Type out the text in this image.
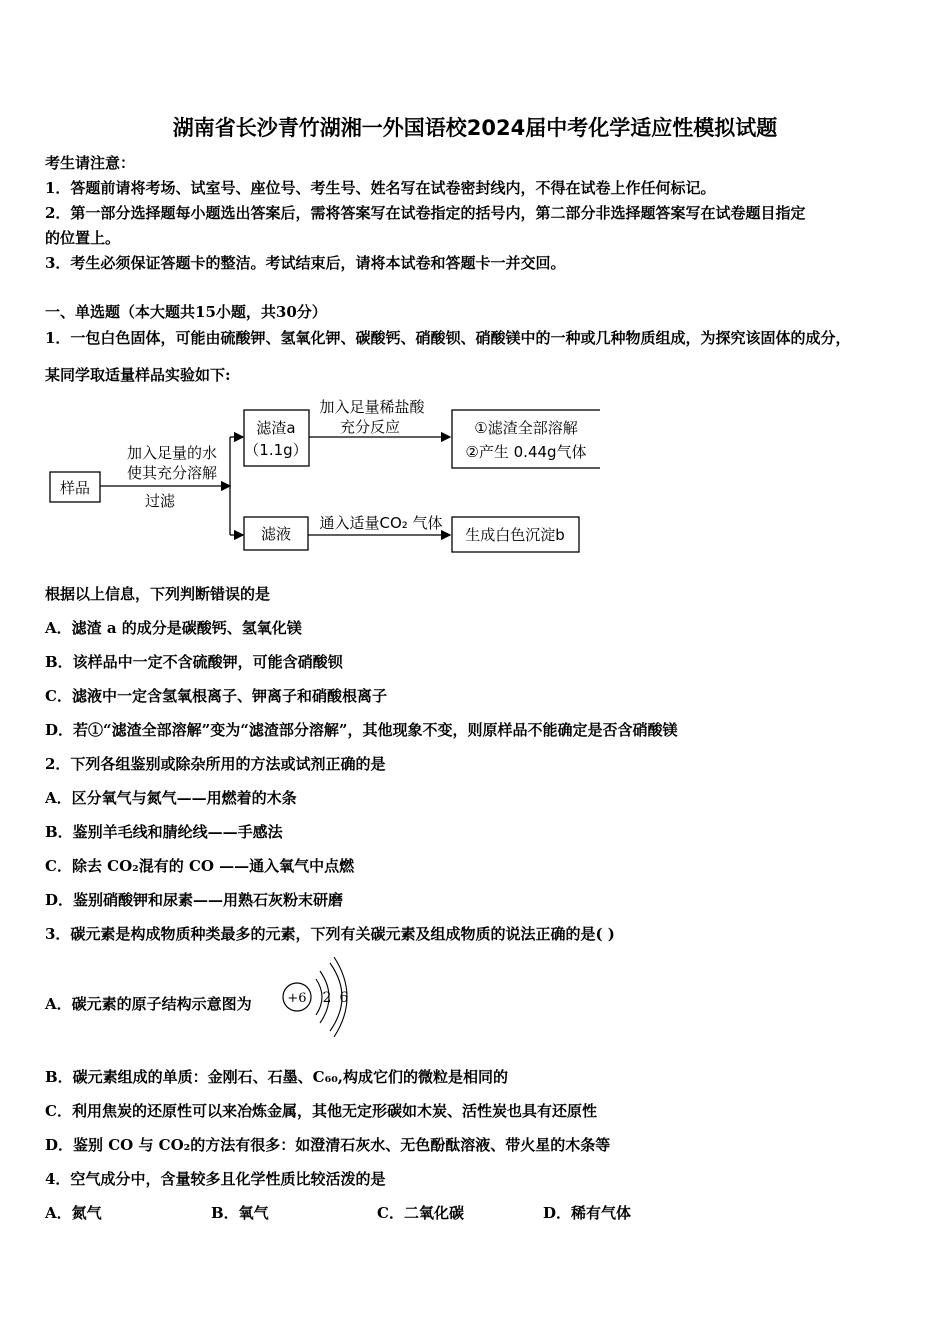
湖南省长沙青竹湖湘一外国语校2024届中考化学适应性模拟试题
考生请注意：
1．答题前请将考场、试室号、座位号、考生号、姓名写在试卷密封线内，不得在试卷上作任何标记。
2．第一部分选择题每小题选出答案后，需将答案写在试卷指定的括号内，第二部分非选择题答案写在试卷题目指定
的位置上。
3．考生必须保证答题卡的整洁。考试结束后，请将本试卷和答题卡一并交回。
一、单选题（本大题共15小题，共30分）
1．一包白色固体，可能由硫酸钾、氢氧化钾、碳酸钙、硝酸钡、硝酸镁中的一种或几种物质组成，为探究该固体的成分，
某同学取适量样品实验如下:
样品
加入足量的水
使其充分溶解
过滤
滤渣a
（1.1g）
加入足量稀盐酸
充分反应	①滤渣全部溶解
②产生 0.44g气体
滤液
通入适量CO₂ 气体
生成白色沉淀b
根据以上信息，下列判断错误的是
A．滤渣 a 的成分是碳酸钙、氢氧化镁
B．该样品中一定不含硫酸钾，可能含硝酸钡
C．滤液中一定含氢氧根离子、钾离子和硝酸根离子
D．若①“滤渣全部溶解”变为“滤渣部分溶解”，其他现象不变，则原样品不能确定是否含硝酸镁
2．下列各组鉴别或除杂所用的方法或试剂正确的是
A．区分氧气与氮气——用燃着的木条
B．鉴别羊毛线和腈纶线——手感法
C．除去 CO₂混有的 CO ——通入氧气中点燃
D．鉴别硝酸钾和尿素——用熟石灰粉末研磨
3．碳元素是构成物质种类最多的元素，下列有关碳元素及组成物质的说法正确的是( )
A．碳元素的原子结构示意图为	+6 2 6
B．碳元素组成的单质：金刚石、石墨、C₆₀,构成它们的微粒是相同的
C．利用焦炭的还原性可以来冶炼金属，其他无定形碳如木炭、活性炭也具有还原性
D．鉴别 CO 与 CO₂的方法有很多：如澄清石灰水、无色酚酞溶液、带火星的木条等
4．空气成分中，含量较多且化学性质比较活泼的是
A．氮气	B．氧气	C．二氧化碳	D．稀有气体
